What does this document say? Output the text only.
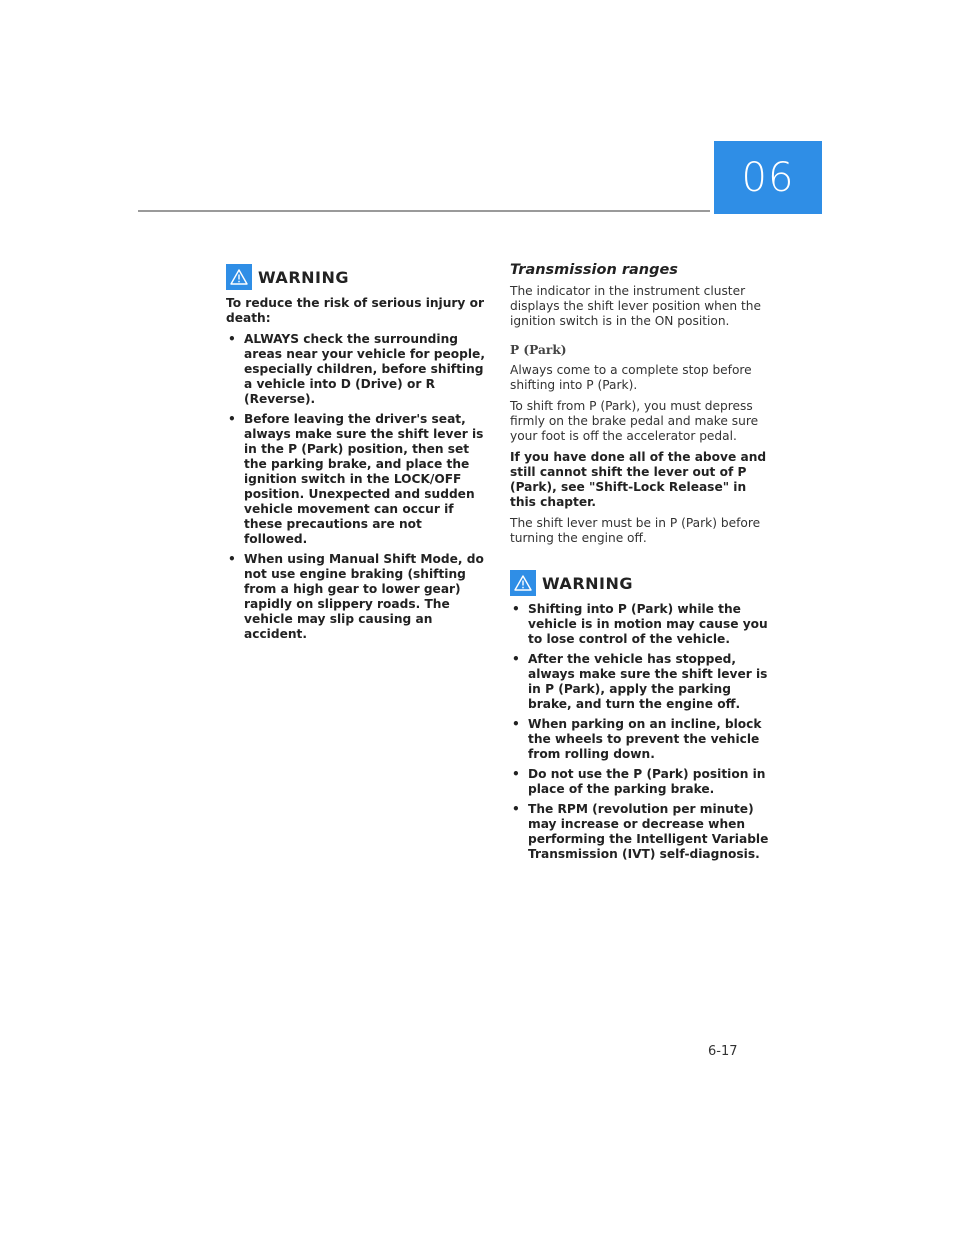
06
WARNING

To reduce the risk of serious injury or death:

• ALWAYS check the surrounding areas near your vehicle for people, especially children, before shifting a vehicle into D (Drive) or R (Reverse).
• Before leaving the driver's seat, always make sure the shift lever is in the P (Park) position, then set the parking brake, and place the ignition switch in the LOCK/OFF position. Unexpected and sudden vehicle movement can occur if these precautions are not followed.
• When using Manual Shift Mode, do not use engine braking (shifting from a high gear to lower gear) rapidly on slippery roads. The vehicle may slip causing an accident.
Transmission ranges

The indicator in the instrument cluster displays the shift lever position when the ignition switch is in the ON position.

P (Park)

Always come to a complete stop before shifting into P (Park).

To shift from P (Park), you must depress firmly on the brake pedal and make sure your foot is off the accelerator pedal.

If you have done all of the above and still cannot shift the lever out of P (Park), see "Shift-Lock Release" in this chapter.

The shift lever must be in P (Park) before turning the engine off.

WARNING
• Shifting into P (Park) while the vehicle is in motion may cause you to lose control of the vehicle.
• After the vehicle has stopped, always make sure the shift lever is in P (Park), apply the parking brake, and turn the engine off.
• When parking on an incline, block the wheels to prevent the vehicle from rolling down.
• Do not use the P (Park) position in place of the parking brake.
• The RPM (revolution per minute) may increase or decrease when performing the Intelligent Variable Transmission (IVT) self-diagnosis.
6-17
